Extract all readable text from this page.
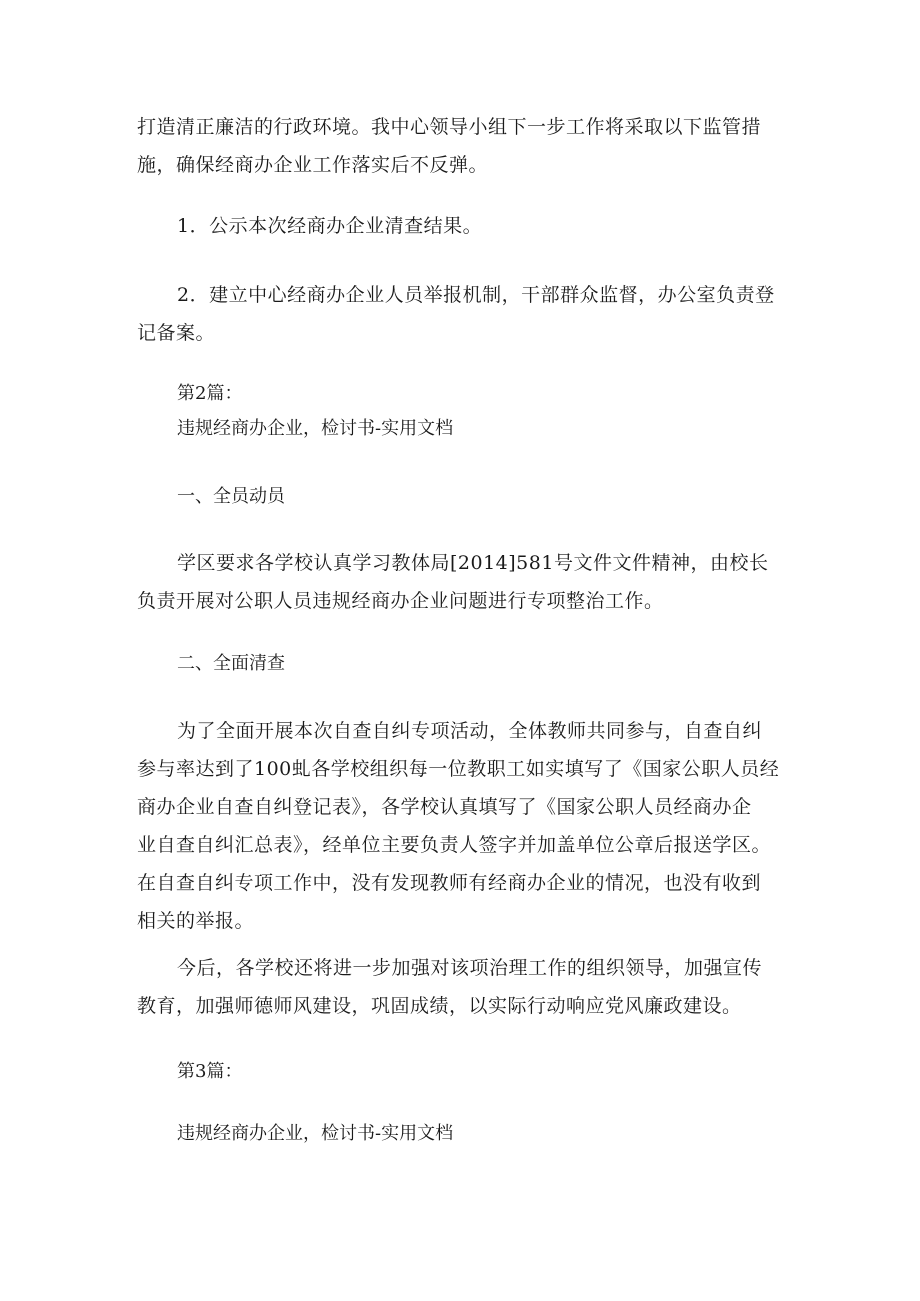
打造清正廉洁的行政环境。我中心领导小组下一步工作将采取以下监管措
施，确保经商办企业工作落实后不反弹。
1．公示本次经商办企业清查结果。
2．建立中心经商办企业人员举报机制，干部群众监督，办公室负责登
记备案。
第2篇：
违规经商办企业，检讨书-实用文档
一、全员动员
学区要求各学校认真学习教体局[2014]581号文件文件精神，由校长
负责开展对公职人员违规经商办企业问题进行专项整治工作。
二、全面清查
为了全面开展本次自查自纠专项活动，全体教师共同参与，自查自纠
参与率达到了100虬各学校组织每一位教职工如实填写了《国家公职人员经
商办企业自查自纠登记表》，各学校认真填写了《国家公职人员经商办企
业自查自纠汇总表》，经单位主要负责人签字并加盖单位公章后报送学区。
在自查自纠专项工作中，没有发现教师有经商办企业的情况，也没有收到
相关的举报。
今后，各学校还将进一步加强对该项治理工作的组织领导，加强宣传
教育，加强师德师风建设，巩固成绩，以实际行动响应党风廉政建设。
第3篇：
违规经商办企业，检讨书-实用文档
